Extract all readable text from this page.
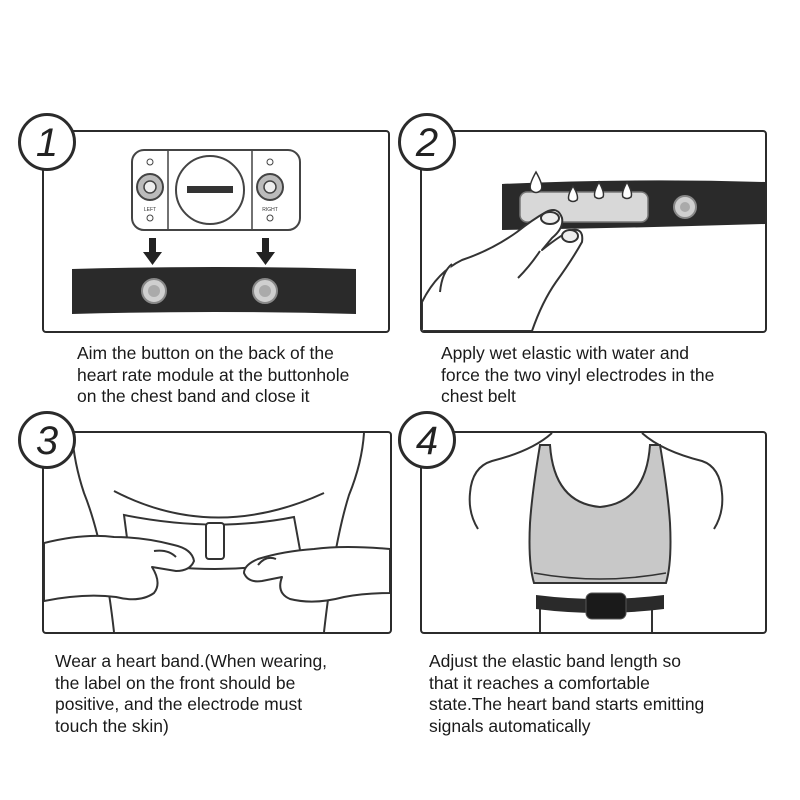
LEFT	RIGHT
1
Aim the button on the back of the
heart rate module at the buttonhole
on the chest band and close it
2
Apply wet elastic with water and
force the two vinyl electrodes in the
chest belt
3
Wear a heart band.(When wearing,
the label on the front should be
positive, and the electrode must
touch the skin)
4
Adjust the elastic band length so
that it reaches a comfortable
state.The heart band starts emitting
signals automatically
